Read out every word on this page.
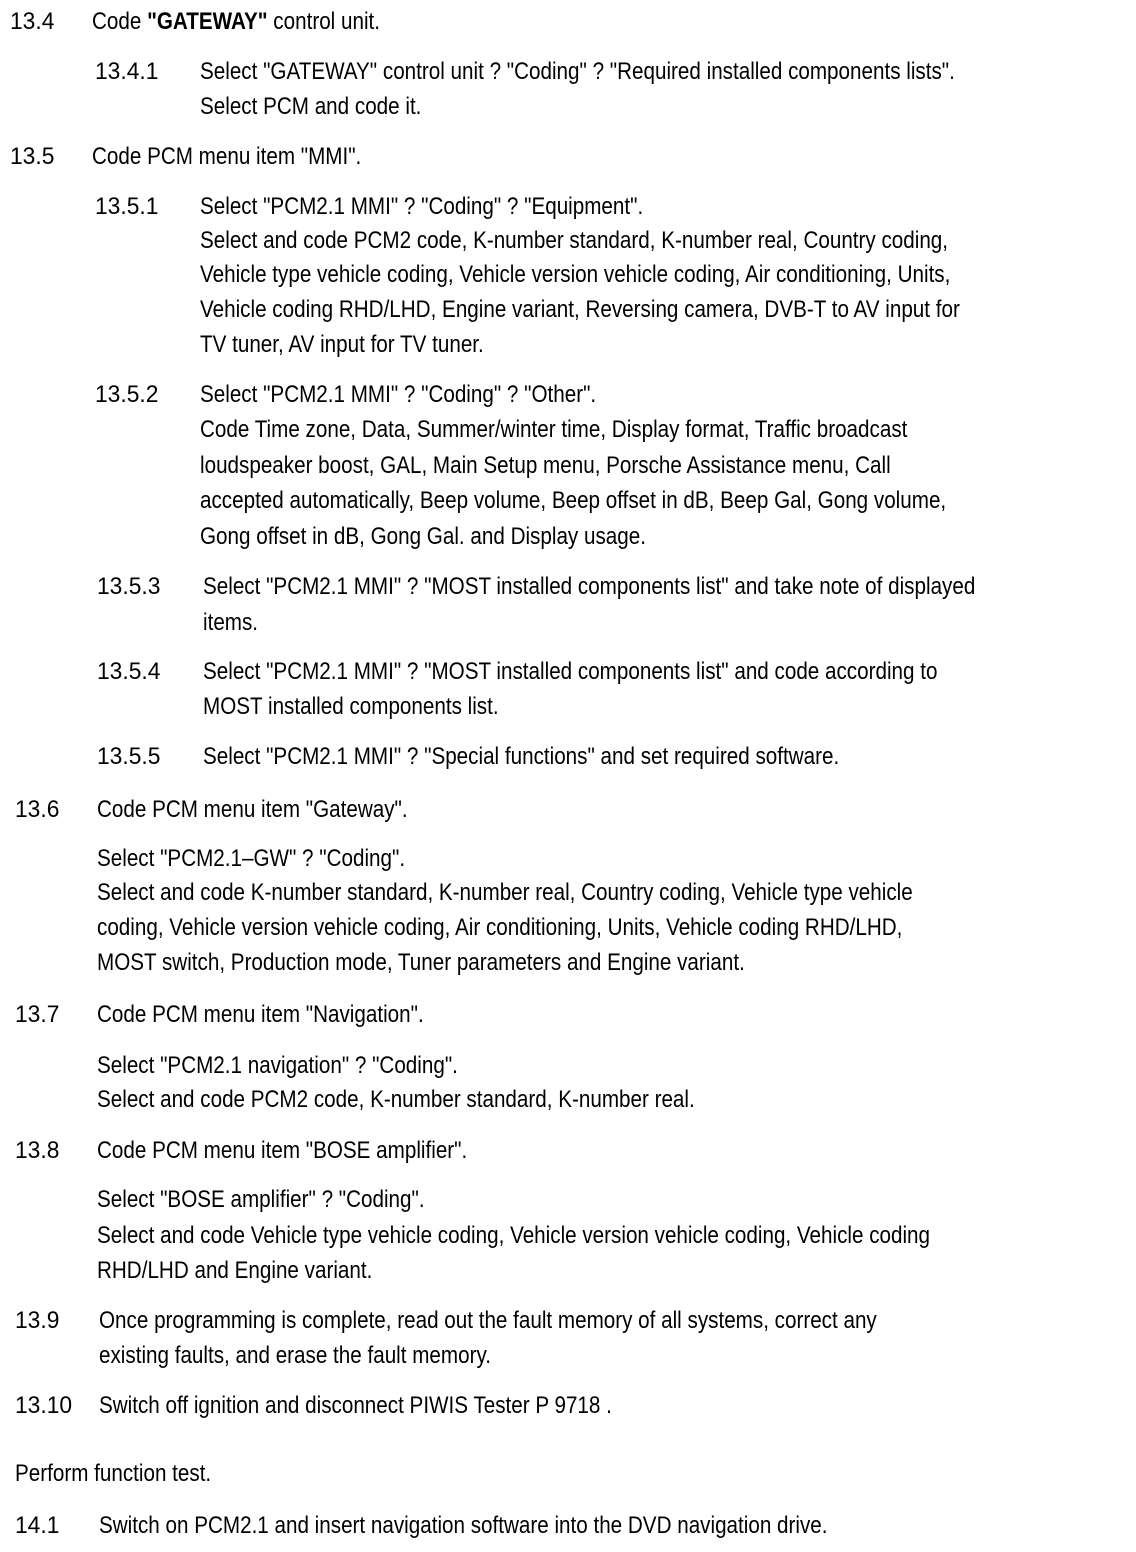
13.4 Code "GATEWAY" control unit.
13.4.1 Select "GATEWAY" control unit ? "Coding" ? "Required installed components lists".
Select PCM and code it.
13.5 Code PCM menu item "MMI".
13.5.1 Select "PCM2.1 MMI" ? "Coding" ? "Equipment".
Select and code PCM2 code, K-number standard, K-number real, Country coding,
Vehicle type vehicle coding, Vehicle version vehicle coding, Air conditioning, Units,
Vehicle coding RHD/LHD, Engine variant, Reversing camera, DVB-T to AV input for
TV tuner, AV input for TV tuner.
13.5.2 Select "PCM2.1 MMI" ? "Coding" ? "Other".
Code Time zone, Data, Summer/winter time, Display format, Traffic broadcast
loudspeaker boost, GAL, Main Setup menu, Porsche Assistance menu, Call
accepted automatically, Beep volume, Beep offset in dB, Beep Gal, Gong volume,
Gong offset in dB, Gong Gal. and Display usage.
13.5.3 Select "PCM2.1 MMI" ? "MOST installed components list" and take note of displayed
items.
13.5.4 Select "PCM2.1 MMI" ? "MOST installed components list" and code according to
MOST installed components list.
13.5.5 Select "PCM2.1 MMI" ? "Special functions" and set required software.
13.6 Code PCM menu item "Gateway".
Select "PCM2.1–GW" ? "Coding".
Select and code K-number standard, K-number real, Country coding, Vehicle type vehicle
coding, Vehicle version vehicle coding, Air conditioning, Units, Vehicle coding RHD/LHD,
MOST switch, Production mode, Tuner parameters and Engine variant.
13.7 Code PCM menu item "Navigation".
Select "PCM2.1 navigation" ? "Coding".
Select and code PCM2 code, K-number standard, K-number real.
13.8 Code PCM menu item "BOSE amplifier".
Select "BOSE amplifier" ? "Coding".
Select and code Vehicle type vehicle coding, Vehicle version vehicle coding, Vehicle coding
RHD/LHD and Engine variant.
13.9 Once programming is complete, read out the fault memory of all systems, correct any
existing faults, and erase the fault memory.
13.10 Switch off ignition and disconnect PIWIS Tester P 9718 .
Perform function test.
14.1 Switch on PCM2.1 and insert navigation software into the DVD navigation drive.
